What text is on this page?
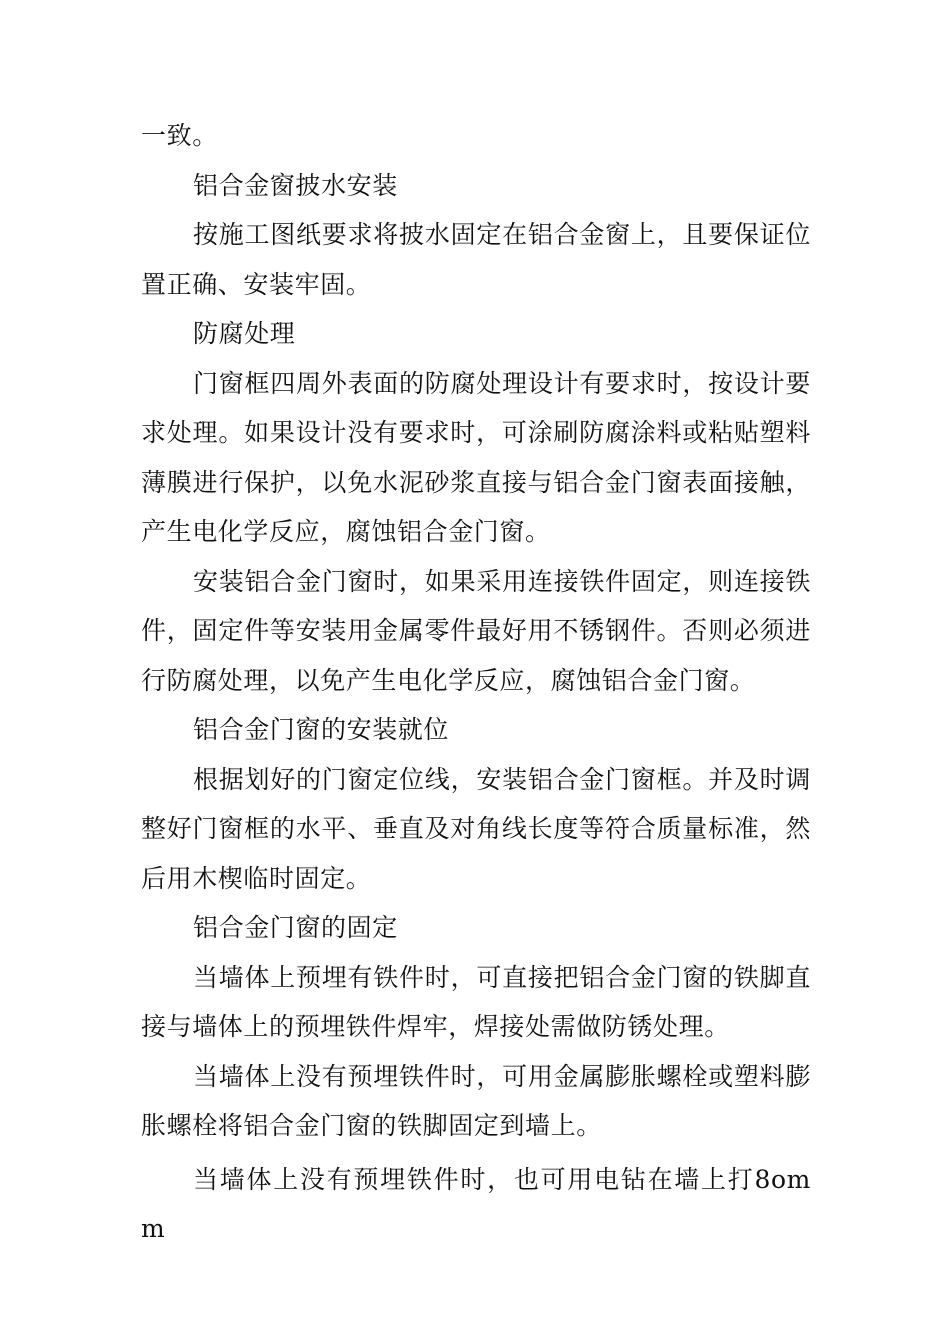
一致。

铝合金窗披水安装

按施工图纸要求将披水固定在铝合金窗上，且要保证位置正确、安装牢固。

防腐处理

门窗框四周外表面的防腐处理设计有要求时，按设计要求处理。如果设计没有要求时，可涂刷防腐涂料或粘贴塑料薄膜进行保护，以免水泥砂浆直接与铝合金门窗表面接触，产生电化学反应，腐蚀铝合金门窗。

安装铝合金门窗时，如果采用连接铁件固定，则连接铁件，固定件等安装用金属零件最好用不锈钢件。否则必须进行防腐处理，以免产生电化学反应，腐蚀铝合金门窗。

铝合金门窗的安装就位

根据划好的门窗定位线，安装铝合金门窗框。并及时调整好门窗框的水平、垂直及对角线长度等符合质量标准，然后用木楔临时固定。

铝合金门窗的固定

当墙体上预埋有铁件时，可直接把铝合金门窗的铁脚直接与墙体上的预埋铁件焊牢，焊接处需做防锈处理。

当墙体上没有预埋铁件时，可用金属膨胀螺栓或塑料膨胀螺栓将铝合金门窗的铁脚固定到墙上。

当墙体上没有预埋铁件时，也可用电钻在墙上打8omm
